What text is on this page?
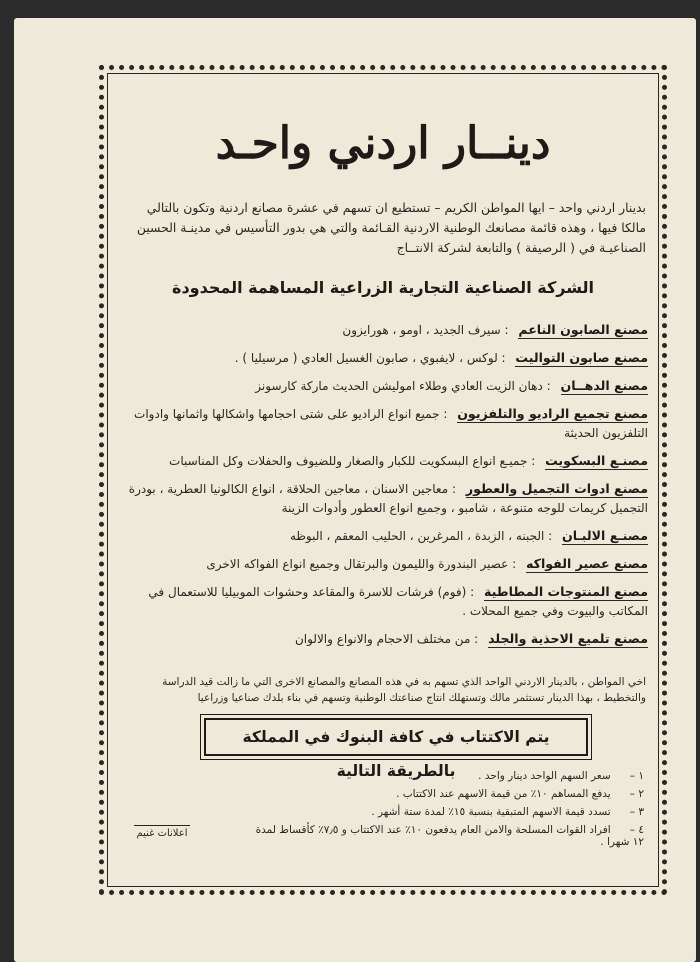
دينــار اردني واحـد
بدينار اردني واحد – ايها المواطن الكريم – تستطيع ان تسهم في عشرة مصانع اردنية وتكون بالتالي مالكا فيها ، وهذه قائمة مصانعك الوطنية الاردنية القـائمة والتي هي بدور التأسيس في مدينـة الحسين الصناعيـة في ( الرصيفة ) والتابعة لشركة الانتــاج
الشركة الصناعية التجارية الزراعية المساهمة المحدودة
مصنع الصابون الناعم : سيرف الجديد ، اومو ، هورايزون
مصنع صابون التواليت : لوكس ، لايفبوي ، صابون الغسيل العادي ( مرسيليا ) .
مصنع الدهــان : دهان الزيت العادي وطلاء اموليشن الحديث ماركة كارسونز
مصنع تجميع الراديو والتلفزيون : جميع انواع الراديو على شتى احجامها واشكالها واثمانها وادوات التلفزيون الحديثة
مصنـع البسكويت : جميـع انواع البسكويت للكبار والصغار وللضيوف والحفلات وكل المناسبات
مصنع ادوات التجميل والعطور : معاجين الاسنان ، معاجين الحلاقة ، انواع الكالونيا العطرية ، بودرة التجميل كريمات للوجه متنوعة ، شامبو ، وجميع انواع العطور وأدوات الزينة
مصنـع الالبـان : الجبنه ، الزبدة ، المرغرين ، الحليب المعقم ، البوظه
مصنع عصير الفواكه : عصير البندورة والليمون والبرتقال وجميع انواع الفواكه الاخرى
مصنع المنتوجات المطاطية : (فوم) فرشات للاسرة والمقاعد وحشوات الموبيليا للاستعمال في المكاتب والبيوت وفي جميع المحلات .
مصنع تلميع الاحذية والجلد : من مختلف الاحجام والانواع والالوان
اخي المواطن ، بالدينار الاردني الواحد الذي تسهم به في هذه المصانع والمصانع الاخرى التي ما زالت قيد الدراسة والتخطيط ، بهذا الدينار تستثمر مالك وتستهلك انتاج صناعتك الوطنية وتسهم في بناء بلدك صناعيا وزراعيا
يتم الاكتتاب في كافة البنوك في المملكة بالطريقة التالية	١ – سعر السهم الواحد دينار واحد .
٢ – يدفع المساهم ١٠٪ من قيمة الاسهم عند الاكتتاب .
٣ – تسدد قيمة الاسهم المتبقية بنسبة ١٥٪ لمدة ستة أشهر .
٤ – افراد القوات المسلحة والامن العام يدفعون ١٠٪ عند الاكتتاب و ٧٫٥٪ كأقساط لمدة ١٢ شهرا .
اعلانات غنيم
